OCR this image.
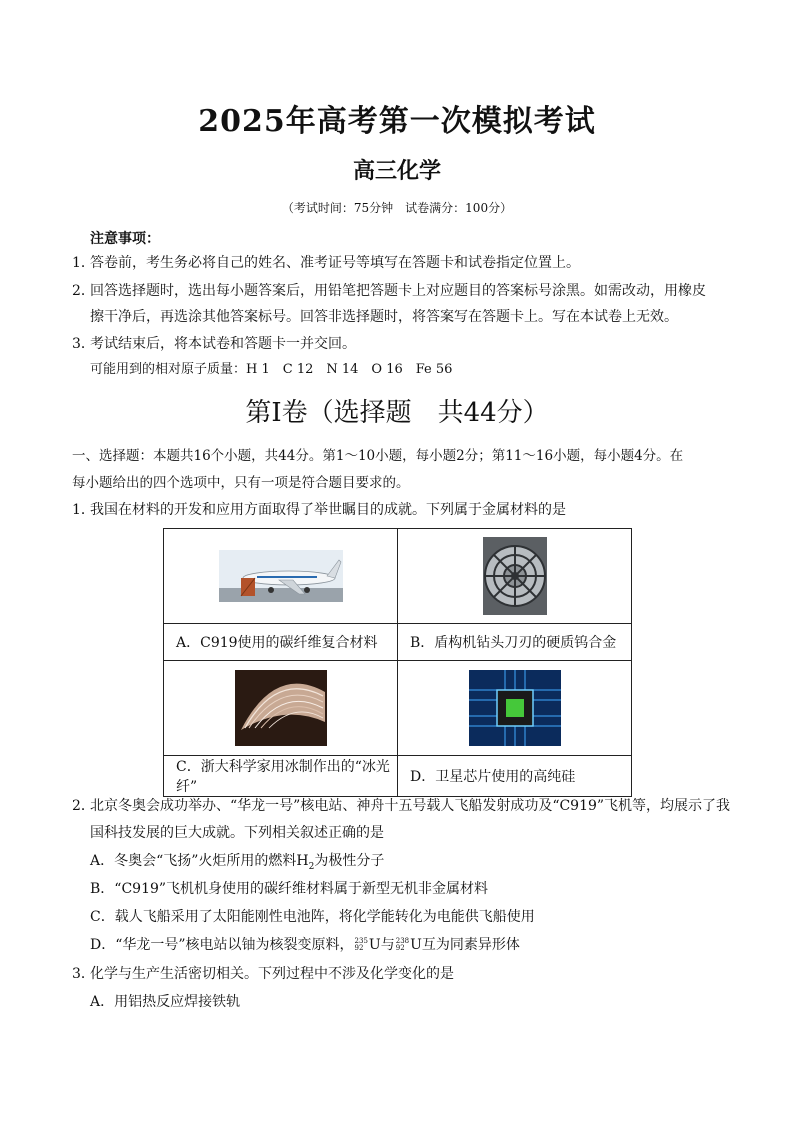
2025年高考第一次模拟考试
高三化学
（考试时间：75分钟　试卷满分：100分）
注意事项：
1．答卷前，考生务必将自己的姓名、准考证号等填写在答题卡和试卷指定位置上。
2．回答选择题时，选出每小题答案后，用铅笔把答题卡上对应题目的答案标号涂黑。如需改动，用橡皮
擦干净后，再选涂其他答案标号。回答非选择题时，将答案写在答题卡上。写在本试卷上无效。
3．考试结束后，将本试卷和答题卡一并交回。
可能用到的相对原子质量：H 1　C 12　N 14　O 16　Fe 56
第Ⅰ卷（选择题　共44分）
一、选择题：本题共16个小题，共44分。第1～10小题，每小题2分；第11～16小题，每小题4分。在
每小题给出的四个选项中，只有一项是符合题目要求的。
1．我国在材料的开发和应用方面取得了举世瞩目的成就。下列属于金属材料的是

A．C919使用的碳纤维复合材料	B．盾构机钻头刀刃的硬质钨合金

C．浙大科学家用冰制作出的“冰光纤”	D．卫星芯片使用的高纯硅
2．北京冬奥会成功举办、“华龙一号”核电站、神舟十五号载人飞船发射成功及“C919”飞机等，均展示了我
国科技发展的巨大成就。下列相关叙述正确的是
A．冬奥会“飞扬”火炬所用的燃料$H_2$为极性分子
B．“C919”飞机机身使用的碳纤维材料属于新型无机非金属材料
C．载人飞船采用了太阳能刚性电池阵，将化学能转化为电能供飞船使用
D．“华龙一号”核电站以铀为核裂变原料， 235
92 U与 238
92 U互为同素异形体
3．化学与生产生活密切相关。下列过程中不涉及化学变化的是
A．用铝热反应焊接铁轨
